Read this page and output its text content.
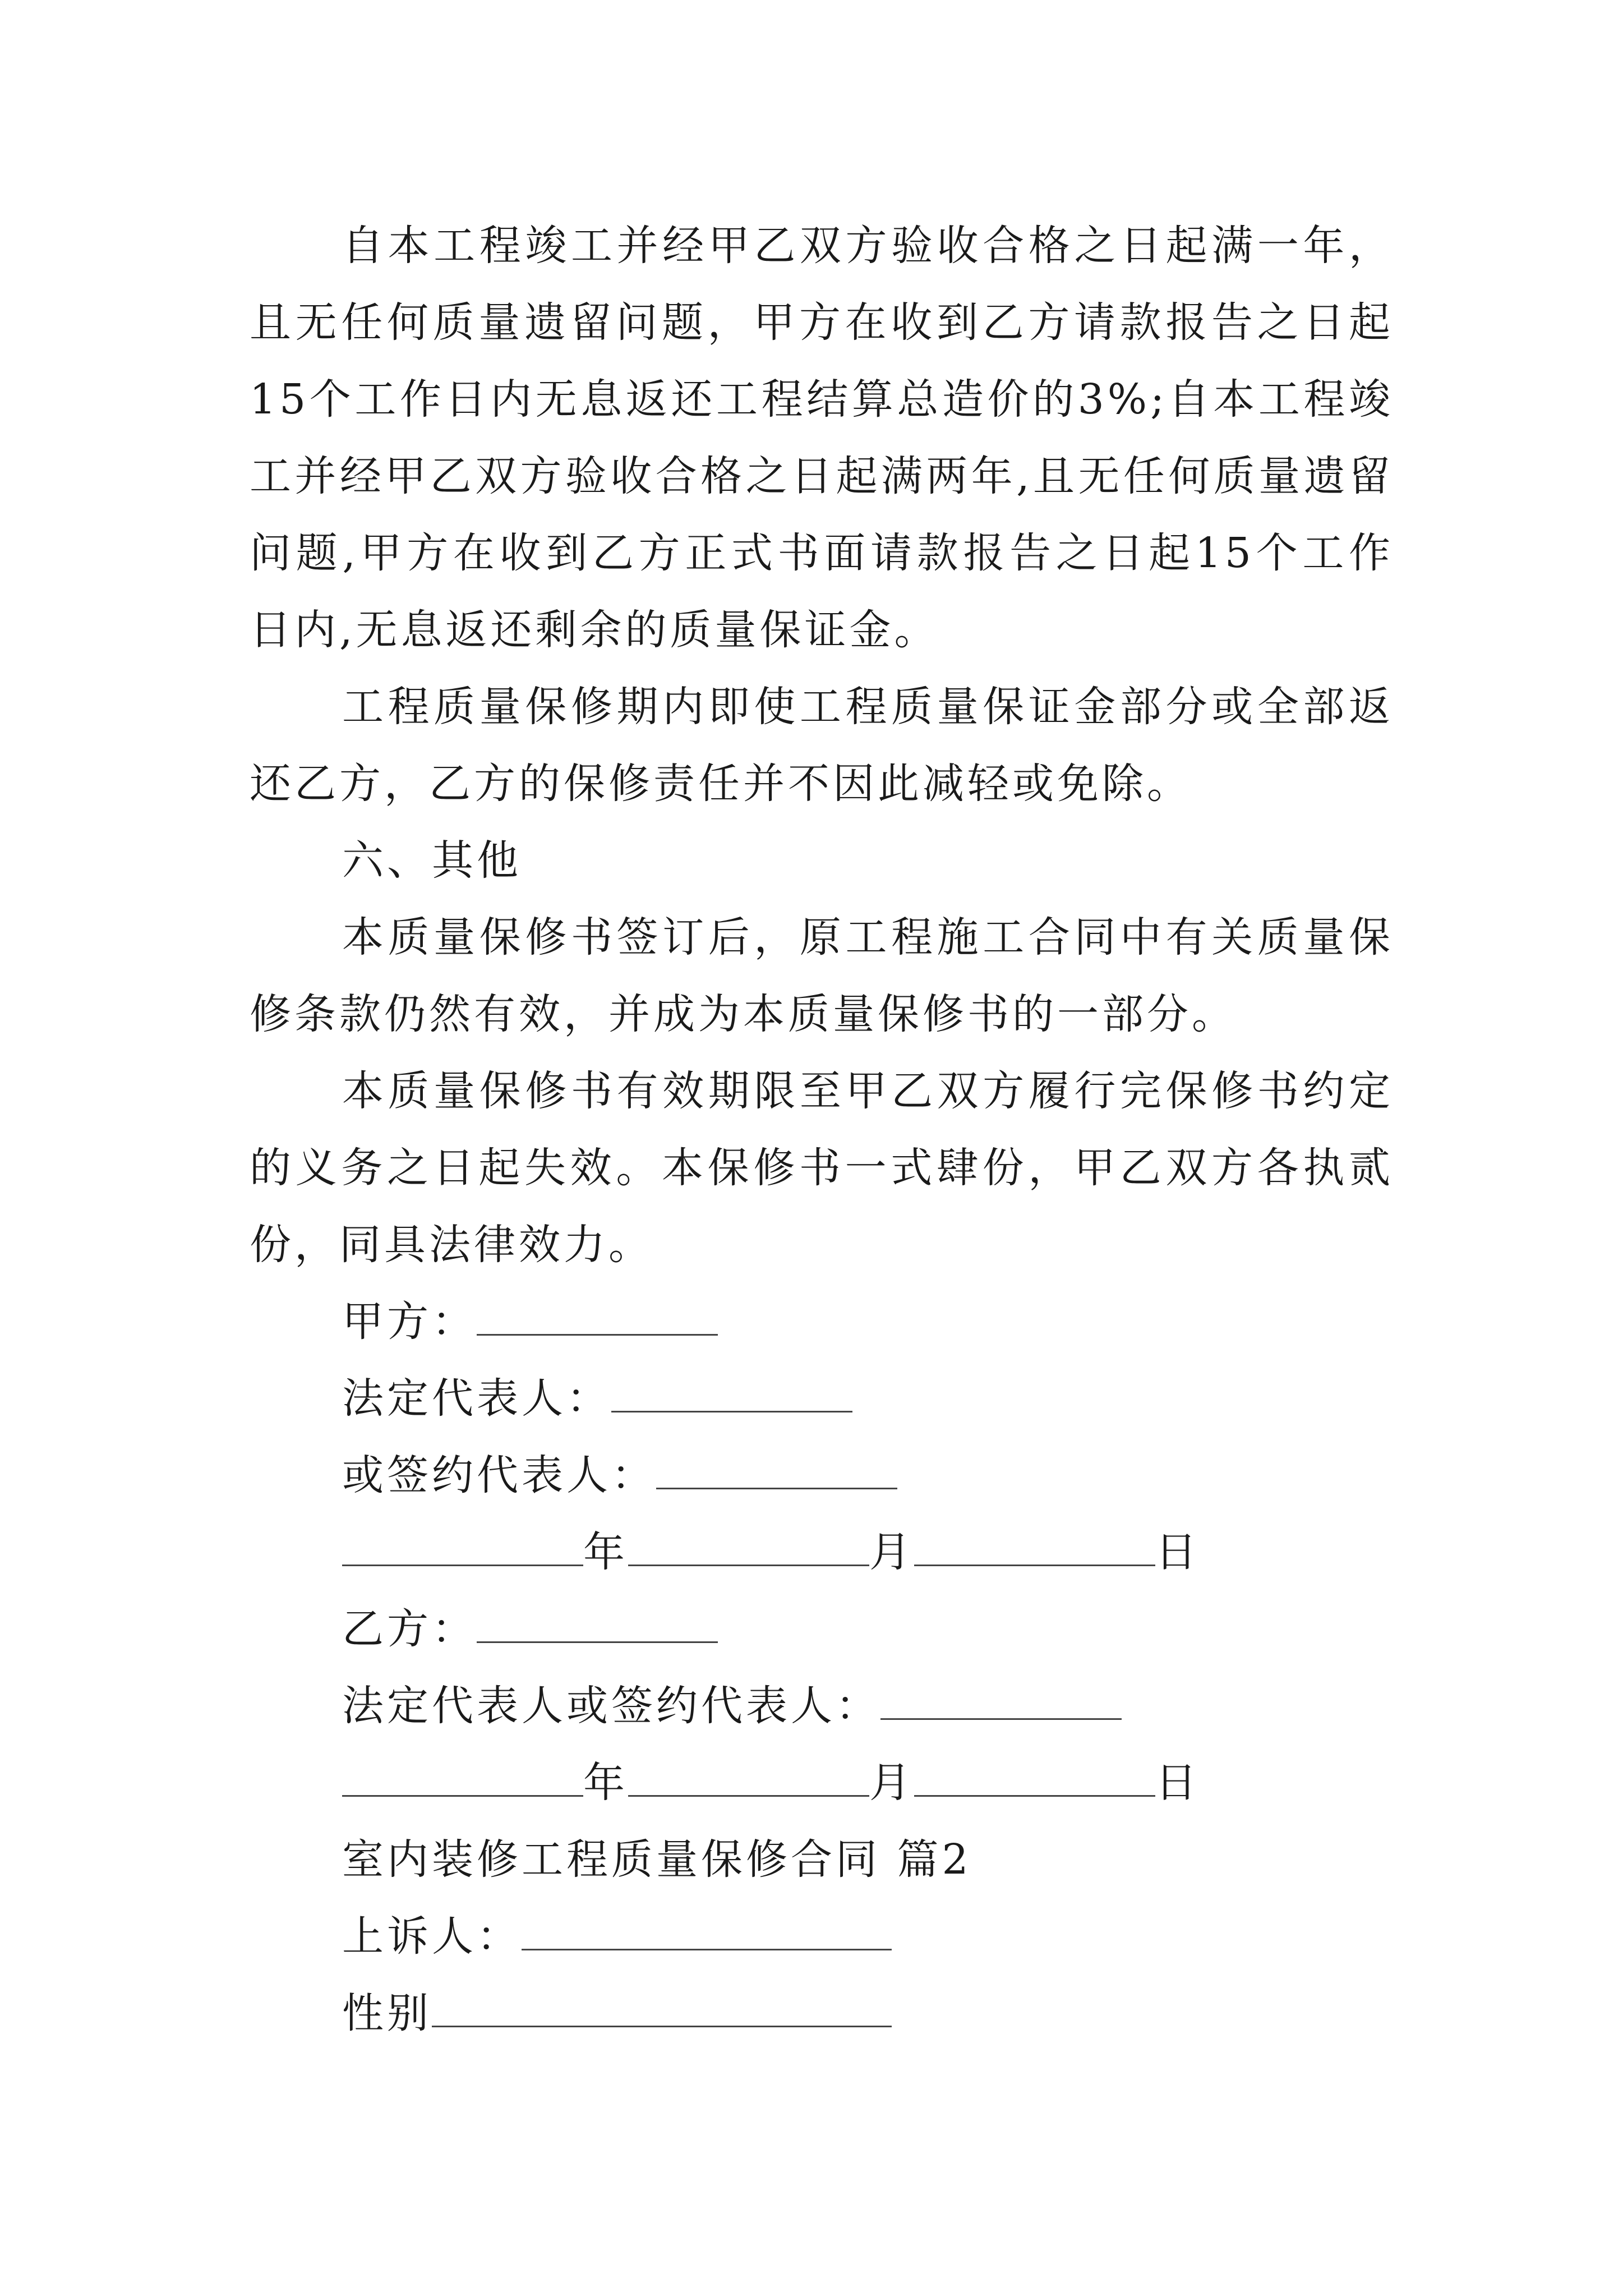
自本工程竣工并经甲乙双方验收合格之日起满一年，且无任何质量遗留问题，甲方在收到乙方请款报告之日起15个工作日内无息返还工程结算总造价的3%;自本工程竣工并经甲乙双方验收合格之日起满两年,且无任何质量遗留问题,甲方在收到乙方正式书面请款报告之日起15个工作日内,无息返还剩余的质量保证金。

工程质量保修期内即使工程质量保证金部分或全部返还乙方，乙方的保修责任并不因此减轻或免除。

六、其他

本质量保修书签订后，原工程施工合同中有关质量保修条款仍然有效，并成为本质量保修书的一部分。

本质量保修书有效期限至甲乙双方履行完保修书约定的义务之日起失效。本保修书一式肆份，甲乙双方各执贰份，同具法律效力。

甲方：
法定代表人：
或签约代表人：
年	月	日
乙方：
法定代表人或签约代表人：
年	月	日
室内装修工程质量保修合同 篇2
上诉人：
性别
